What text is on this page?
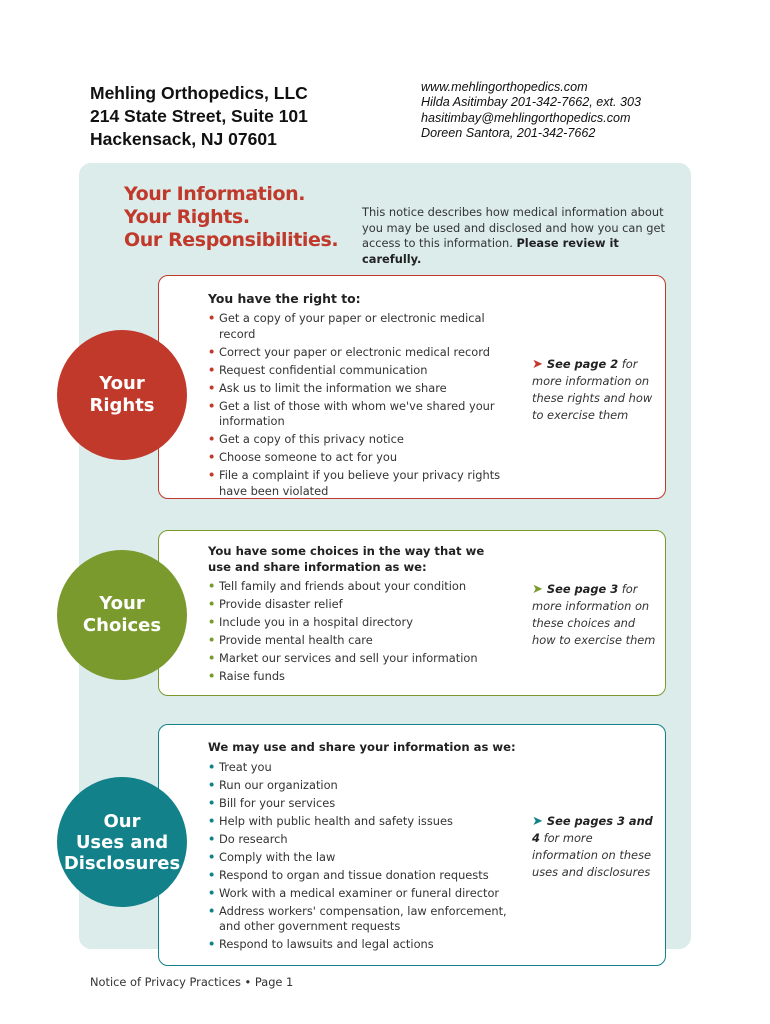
Mehling Orthopedics, LLC
214 State Street, Suite 101
Hackensack, NJ 07601
www.mehlingorthopedics.com
Hilda Asitimbay 201-342-7662, ext. 303
hasitimbay@mehlingorthopedics.com
Doreen Santora, 201-342-7662
Your Information.
Your Rights.
Our Responsibilities.
This notice describes how medical information about you may be used and disclosed and how you can get access to this information. Please review it carefully.
You have the right to:
• Get a copy of your paper or electronic medical record
• Correct your paper or electronic medical record
• Request confidential communication
• Ask us to limit the information we share
• Get a list of those with whom we've shared your information
• Get a copy of this privacy notice
• Choose someone to act for you
• File a complaint if you believe your privacy rights have been violated
➤ See page 2 for more information on these rights and how to exercise them
Your
Rights
You have some choices in the way that we use and share information as we:
• Tell family and friends about your condition
• Provide disaster relief
• Include you in a hospital directory
• Provide mental health care
• Market our services and sell your information
• Raise funds
➤ See page 3 for more information on these choices and how to exercise them
Your
Choices
We may use and share your information as we:
• Treat you
• Run our organization
• Bill for your services
• Help with public health and safety issues
• Do research
• Comply with the law
• Respond to organ and tissue donation requests
• Work with a medical examiner or funeral director
• Address workers' compensation, law enforcement, and other government requests
• Respond to lawsuits and legal actions
➤ See pages 3 and 4 for more information on these uses and disclosures
Our
Uses and
Disclosures
Notice of Privacy Practices • Page 1
